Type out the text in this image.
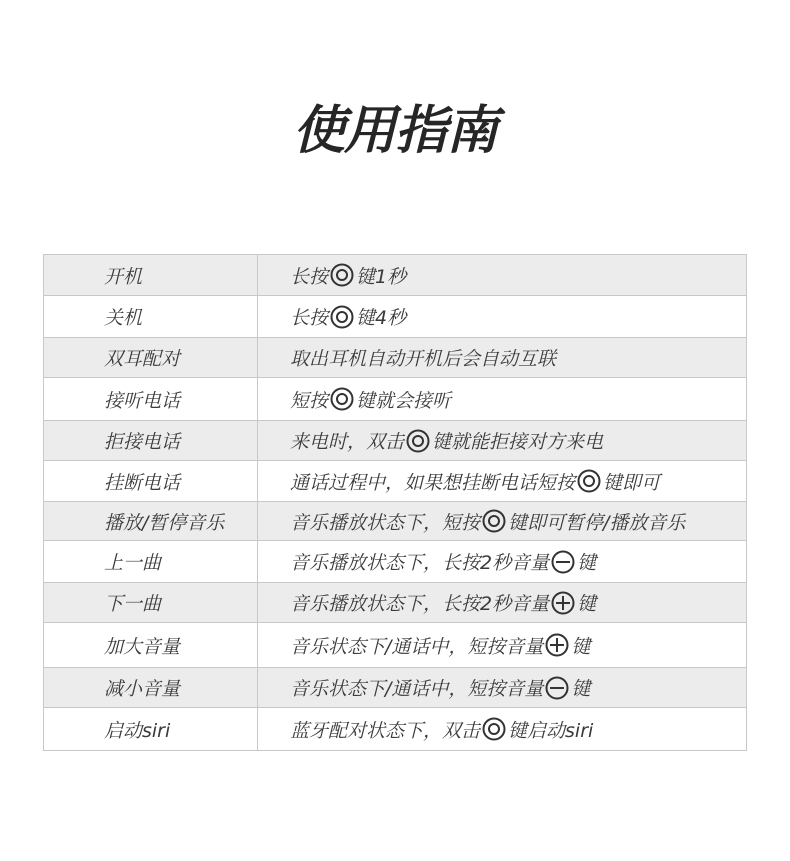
使用指南
开机	长按 键1秒
关机	长按 键4秒
双耳配对	取出耳机自动开机后会自动互联
接听电话	短按 键就会接听
拒接电话	来电时，双击 键就能拒接对方来电
挂断电话	通话过程中，如果想挂断电话短按 键即可
播放/暂停音乐	音乐播放状态下，短按 键即可暂停/播放音乐
上一曲	音乐播放状态下，长按2秒音量 键
下一曲	音乐播放状态下，长按2秒音量 键
加大音量	音乐状态下/通话中，短按音量 键
减小音量	音乐状态下/通话中，短按音量 键
启动siri	蓝牙配对状态下，双击 键启动siri
